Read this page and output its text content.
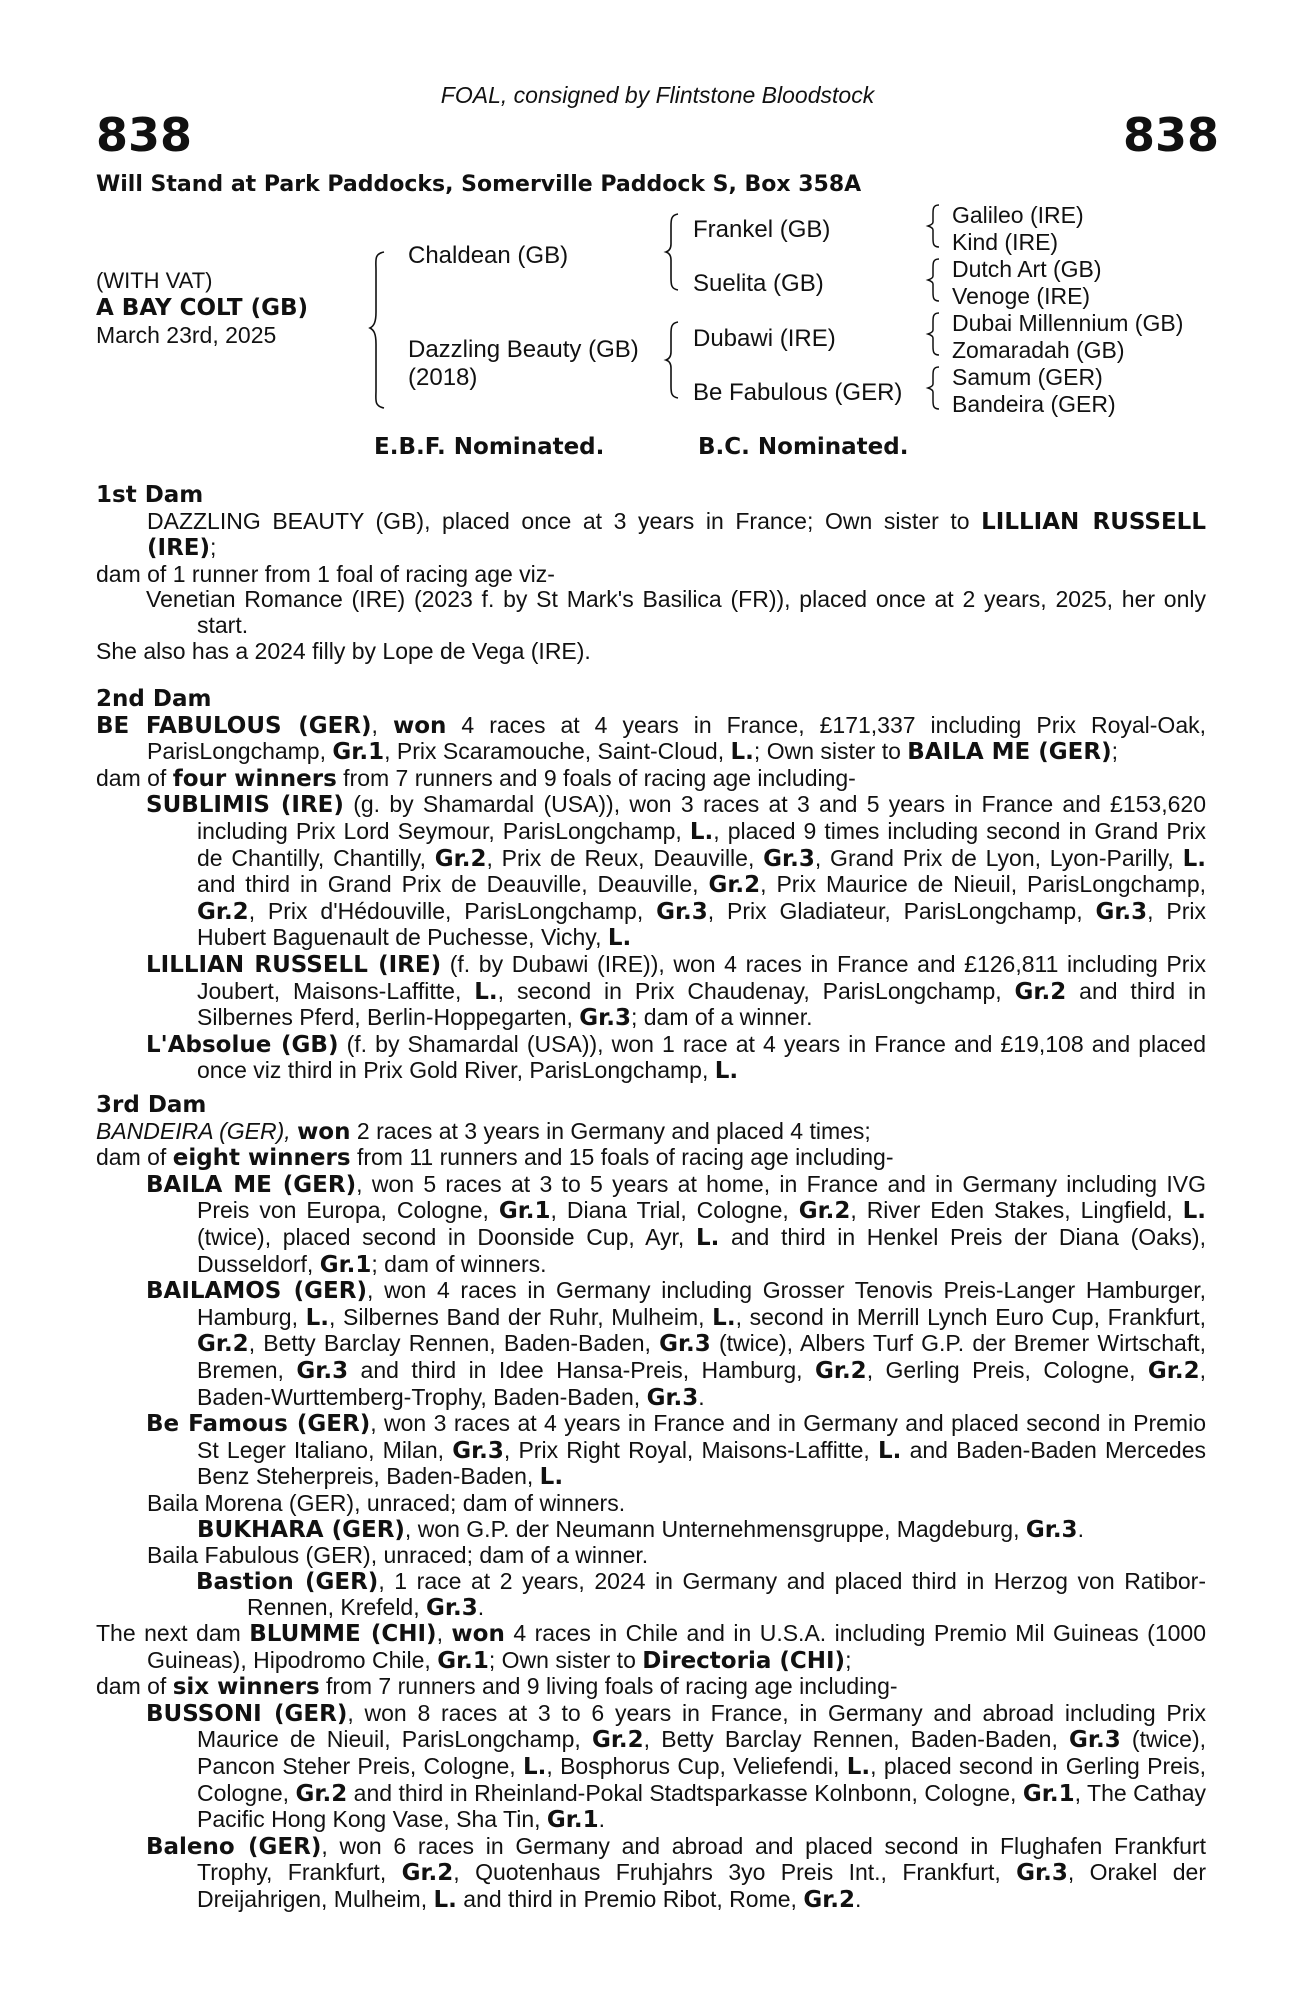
FOAL, consigned by Flintstone Bloodstock
838	838
Will Stand at Park Paddocks, Somerville Paddock S, Box 358A
(WITH VAT)
A BAY COLT (GB)
March 23rd, 2025
Chaldean (GB)
Dazzling Beauty (GB)
(2018)
Frankel (GB)
Suelita (GB)
Dubawi (IRE)
Be Fabulous (GER)
Galileo (IRE)
Kind (IRE)
Dutch Art (GB)
Venoge (IRE)
Dubai Millennium (GB)
Zomaradah (GB)
Samum (GER)
Bandeira (GER)
E.B.F. Nominated.	B.C. Nominated.

1st Dam

DAZZLING BEAUTY (GB), placed once at 3 years in France; Own sister to LILLIAN RUSSELL (IRE);

dam of 1 runner from 1 foal of racing age viz-

Venetian Romance (IRE) (2023 f. by St Mark's Basilica (FR)), placed once at 2 years, 2025, her only start.

She also has a 2024 filly by Lope de Vega (IRE).

2nd Dam

BE FABULOUS (GER), won 4 races at 4 years in France, £171,337 including Prix Royal-Oak, ParisLongchamp, Gr.1, Prix Scaramouche, Saint-Cloud, L.; Own sister to BAILA ME (GER);

dam of four winners from 7 runners and 9 foals of racing age including-

SUBLIMIS (IRE) (g. by Shamardal (USA)), won 3 races at 3 and 5 years in France and £153,620 including Prix Lord Seymour, ParisLongchamp, L., placed 9 times including second in Grand Prix de Chantilly, Chantilly, Gr.2, Prix de Reux, Deauville, Gr.3, Grand Prix de Lyon, Lyon-Parilly, L. and third in Grand Prix de Deauville, Deauville, Gr.2, Prix Maurice de Nieuil, ParisLongchamp, Gr.2, Prix d'Hédouville, ParisLongchamp, Gr.3, Prix Gladiateur, ParisLongchamp, Gr.3, Prix Hubert Baguenault de Puchesse, Vichy, L.

LILLIAN RUSSELL (IRE) (f. by Dubawi (IRE)), won 4 races in France and £126,811 including Prix Joubert, Maisons-Laffitte, L., second in Prix Chaudenay, ParisLongchamp, Gr.2 and third in Silbernes Pferd, Berlin-Hoppegarten, Gr.3; dam of a winner.

L'Absolue (GB) (f. by Shamardal (USA)), won 1 race at 4 years in France and £19,108 and placed once viz third in Prix Gold River, ParisLongchamp, L.

3rd Dam

BANDEIRA (GER), won 2 races at 3 years in Germany and placed 4 times;

dam of eight winners from 11 runners and 15 foals of racing age including-

BAILA ME (GER), won 5 races at 3 to 5 years at home, in France and in Germany including IVG Preis von Europa, Cologne, Gr.1, Diana Trial, Cologne, Gr.2, River Eden Stakes, Lingfield, L. (twice), placed second in Doonside Cup, Ayr, L. and third in Henkel Preis der Diana (Oaks), Dusseldorf, Gr.1; dam of winners.

BAILAMOS (GER), won 4 races in Germany including Grosser Tenovis Preis-Langer Hamburger, Hamburg, L., Silbernes Band der Ruhr, Mulheim, L., second in Merrill Lynch Euro Cup, Frankfurt, Gr.2, Betty Barclay Rennen, Baden-Baden, Gr.3 (twice), Albers Turf G.P. der Bremer Wirtschaft, Bremen, Gr.3 and third in Idee Hansa-Preis, Hamburg, Gr.2, Gerling Preis, Cologne, Gr.2, Baden-Wurttemberg-Trophy, Baden-Baden, Gr.3.

Be Famous (GER), won 3 races at 4 years in France and in Germany and placed second in Premio St Leger Italiano, Milan, Gr.3, Prix Right Royal, Maisons-Laffitte, L. and Baden-Baden Mercedes Benz Steherpreis, Baden-Baden, L.

Baila Morena (GER), unraced; dam of winners.

BUKHARA (GER), won G.P. der Neumann Unternehmensgruppe, Magdeburg, Gr.3.

Baila Fabulous (GER), unraced; dam of a winner.

Bastion (GER), 1 race at 2 years, 2024 in Germany and placed third in Herzog von Ratibor-Rennen, Krefeld, Gr.3.

The next dam BLUMME (CHI), won 4 races in Chile and in U.S.A. including Premio Mil Guineas (1000 Guineas), Hipodromo Chile, Gr.1; Own sister to Directoria (CHI);

dam of six winners from 7 runners and 9 living foals of racing age including-

BUSSONI (GER), won 8 races at 3 to 6 years in France, in Germany and abroad including Prix Maurice de Nieuil, ParisLongchamp, Gr.2, Betty Barclay Rennen, Baden-Baden, Gr.3 (twice), Pancon Steher Preis, Cologne, L., Bosphorus Cup, Veliefendi, L., placed second in Gerling Preis, Cologne, Gr.2 and third in Rheinland-Pokal Stadtsparkasse Kolnbonn, Cologne, Gr.1, The Cathay Pacific Hong Kong Vase, Sha Tin, Gr.1.

Baleno (GER), won 6 races in Germany and abroad and placed second in Flughafen Frankfurt Trophy, Frankfurt, Gr.2, Quotenhaus Fruhjahrs 3yo Preis Int., Frankfurt, Gr.3, Orakel der Dreijahrigen, Mulheim, L. and third in Premio Ribot, Rome, Gr.2.
